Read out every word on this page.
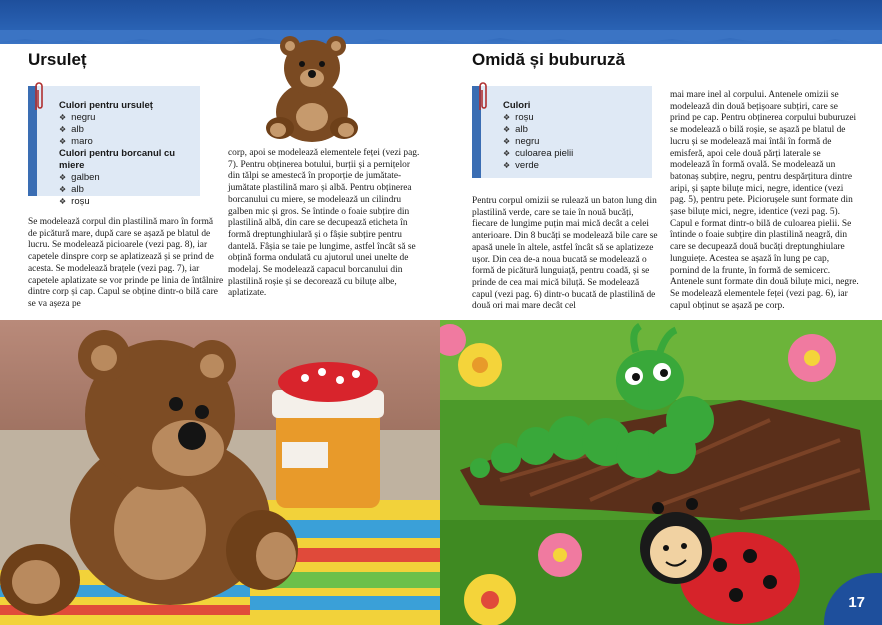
Ursuleț
Culori pentru ursuleț
❖ negru
❖ alb
❖ maro
Culori pentru borcanul cu miere
❖ galben
❖ alb
❖ roșu

Se modelează corpul din plastilină maro în formă de picătură mare, după care se așază pe blatul de lucru. Se modelează picioarele (vezi pag. 8), iar capetele dinspre corp se aplatizează și se prind de acesta. Se modelează brațele (vezi pag. 7), iar capetele aplatizate se vor prinde pe linia de întâlnire dintre corp și cap. Capul se obține dintr-o bilă care se va așeza pe

corp, apoi se modelează elementele feței (vezi pag. 7). Pentru obținerea botului, burții și a pernițelor din tălpi se amestecă în proporție de jumătate-jumătate plastilină maro și albă. Pentru obținerea borcanului cu miere, se modelează un cilindru galben mic și gros. Se întinde o foaie subțire din plastilină albă, din care se decupează eticheta în formă dreptunghiulară și o fâșie subțire pentru dantelă. Fâșia se taie pe lungime, astfel încât să se obțină forma ondulată cu ajutorul unei unelte de modelaj. Se modelează capacul borcanului din plastilină roșie și se decorează cu biluțe albe, aplatizate.

Omidă și buburuză
Culori
❖ roșu
❖ alb
❖ negru
❖ culoarea pielii
❖ verde

Pentru corpul omizii se rulează un baton lung din plastilină verde, care se taie în nouă bucăți, fiecare de lungime puțin mai mică decât a celei anterioare. Din 8 bucăți se modelează bile care se apasă unele în altele, astfel încât să se aplatizeze ușor. Din cea de-a noua bucată se modelează o formă de picătură lunguiață, pentru coadă, și se prinde de cea mai mică biluță. Se modelează capul (vezi pag. 6) dintr-o bucată de plastilină de două ori mai mare decât cel

mai mare inel al corpului. Antenele omizii se modelează din două bețișoare subțiri, care se prind pe cap. Pentru obținerea corpului buburuzei se modelează o bilă roșie, se așază pe blatul de lucru și se modelează mai întâi în formă de emisferă, apoi cele două părți laterale se modelează în formă ovală. Se modelează un batonaș subțire, negru, pentru despărțitura dintre aripi, și șapte biluțe mici, negre, identice (vezi pag. 5), pentru pete. Piciorușele sunt formate din șase biluțe mici, negre, identice (vezi pag. 5). Capul e format dintr-o bilă de culoarea pielii. Se întinde o foaie subțire din plastilină neagră, din care se decupează două bucăți dreptunghiulare lunguiețe. Acestea se așază în lung pe cap, pornind de la frunte, în formă de semicerc. Antenele sunt formate din două biluțe mici, negre. Se modelează elementele feței (vezi pag. 6), iar capul obținut se așază pe corp.

17
